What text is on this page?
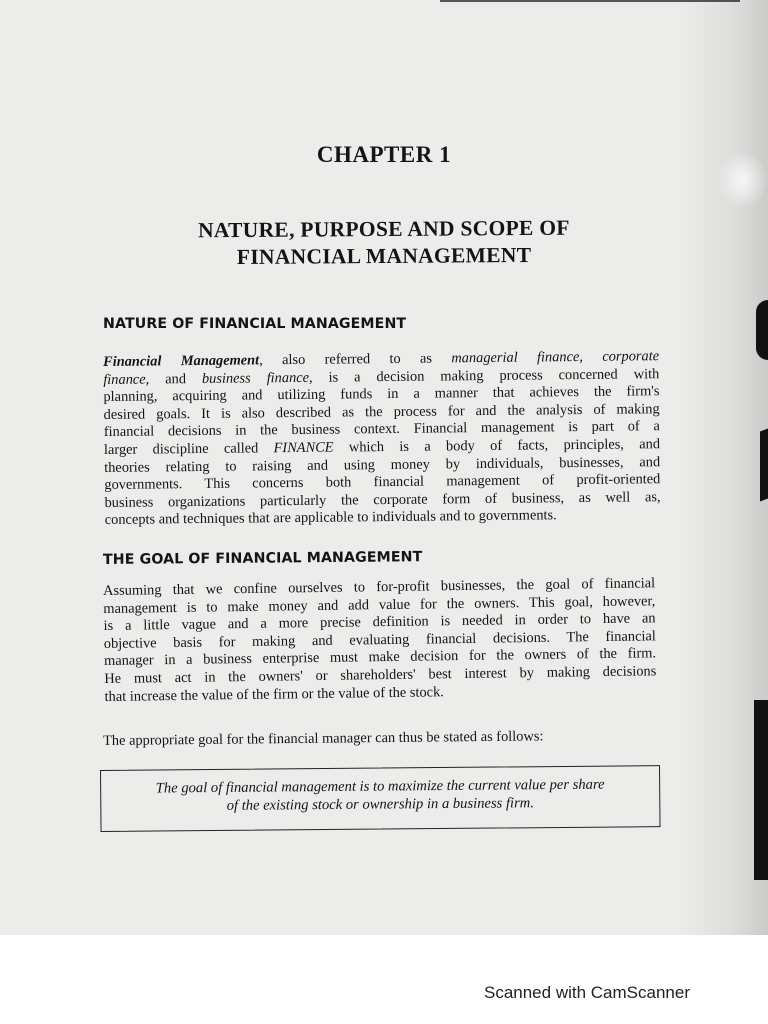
CHAPTER 1
NATURE, PURPOSE AND SCOPE OF
FINANCIAL MANAGEMENT
NATURE OF FINANCIAL MANAGEMENT
Financial Management, also referred to as managerial finance, corporate
finance, and business finance, is a decision making process concerned with
planning, acquiring and utilizing funds in a manner that achieves the firm's
desired goals. It is also described as the process for and the analysis of making
financial decisions in the business context. Financial management is part of a
larger discipline called FINANCE which is a body of facts, principles, and
theories relating to raising and using money by individuals, businesses, and
governments. This concerns both financial management of profit-oriented
business organizations particularly the corporate form of business, as well as,
concepts and techniques that are applicable to individuals and to governments.
THE GOAL OF FINANCIAL MANAGEMENT
Assuming that we confine ourselves to for-profit businesses, the goal of financial
management is to make money and add value for the owners. This goal, however,
is a little vague and a more precise definition is needed in order to have an
objective basis for making and evaluating financial decisions. The financial
manager in a business enterprise must make decision for the owners of the firm.
He must act in the owners' or shareholders' best interest by making decisions
that increase the value of the firm or the value of the stock.
The appropriate goal for the financial manager can thus be stated as follows:
The goal of financial management is to maximize the current value per share
of the existing stock or ownership in a business firm.
Scanned with CamScanner
